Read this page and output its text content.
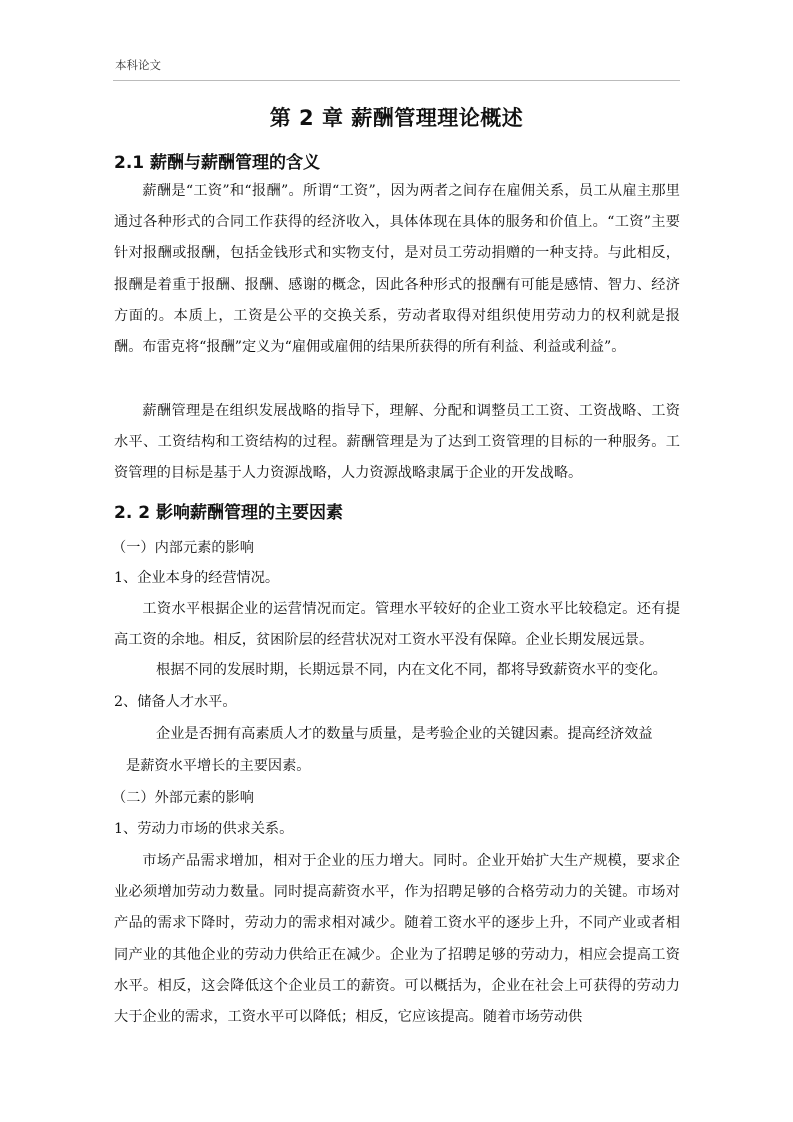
本科论文
第 2 章 薪酬管理理论概述
2.1 薪酬与薪酬管理的含义

薪酬是“工资”和“报酬”。所谓“工资”，因为两者之间存在雇佣关系，员工从雇主那里通过各种形式的合同工作获得的经济收入，具体体现在具体的服务和价值上。“工资”主要针对报酬或报酬，包括金钱形式和实物支付，是对员工劳动捐赠的一种支持。与此相反，报酬是着重于报酬、报酬、感谢的概念，因此各种形式的报酬有可能是感情、智力、经济方面的。本质上，工资是公平的交换关系，劳动者取得对组织使用劳动力的权利就是报酬。布雷克将“报酬”定义为“雇佣或雇佣的结果所获得的所有利益、利益或利益”。

薪酬管理是在组织发展战略的指导下，理解、分配和调整员工工资、工资战略、工资水平、工资结构和工资结构的过程。薪酬管理是为了达到工资管理的目标的一种服务。工资管理的目标是基于人力资源战略，人力资源战略隶属于企业的开发战略。

2. 2 影响薪酬管理的主要因素
（一）内部元素的影响
1、企业本身的经营情况。

工资水平根据企业的运营情况而定。管理水平较好的企业工资水平比较稳定。还有提高工资的余地。相反，贫困阶层的经营状况对工资水平没有保障。企业长期发展远景。

根据不同的发展时期，长期远景不同，内在文化不同，都将导致薪资水平的变化。
2、储备人才水平。
企业是否拥有高素质人才的数量与质量，是考验企业的关键因素。提高经济效益
是薪资水平增长的主要因素。
（二）外部元素的影响
1、劳动力市场的供求关系。

市场产品需求增加，相对于企业的压力增大。同时。企业开始扩大生产规模，要求企业必须增加劳动力数量。同时提高薪资水平，作为招聘足够的合格劳动力的关键。市场对产品的需求下降时，劳动力的需求相对减少。随着工资水平的逐步上升，不同产业或者相同产业的其他企业的劳动力供给正在减少。企业为了招聘足够的劳动力，相应会提高工资水平。相反，这会降低这个企业员工的薪资。可以概括为，企业在社会上可获得的劳动力大于企业的需求，工资水平可以降低；相反，它应该提高。随着市场劳动供
